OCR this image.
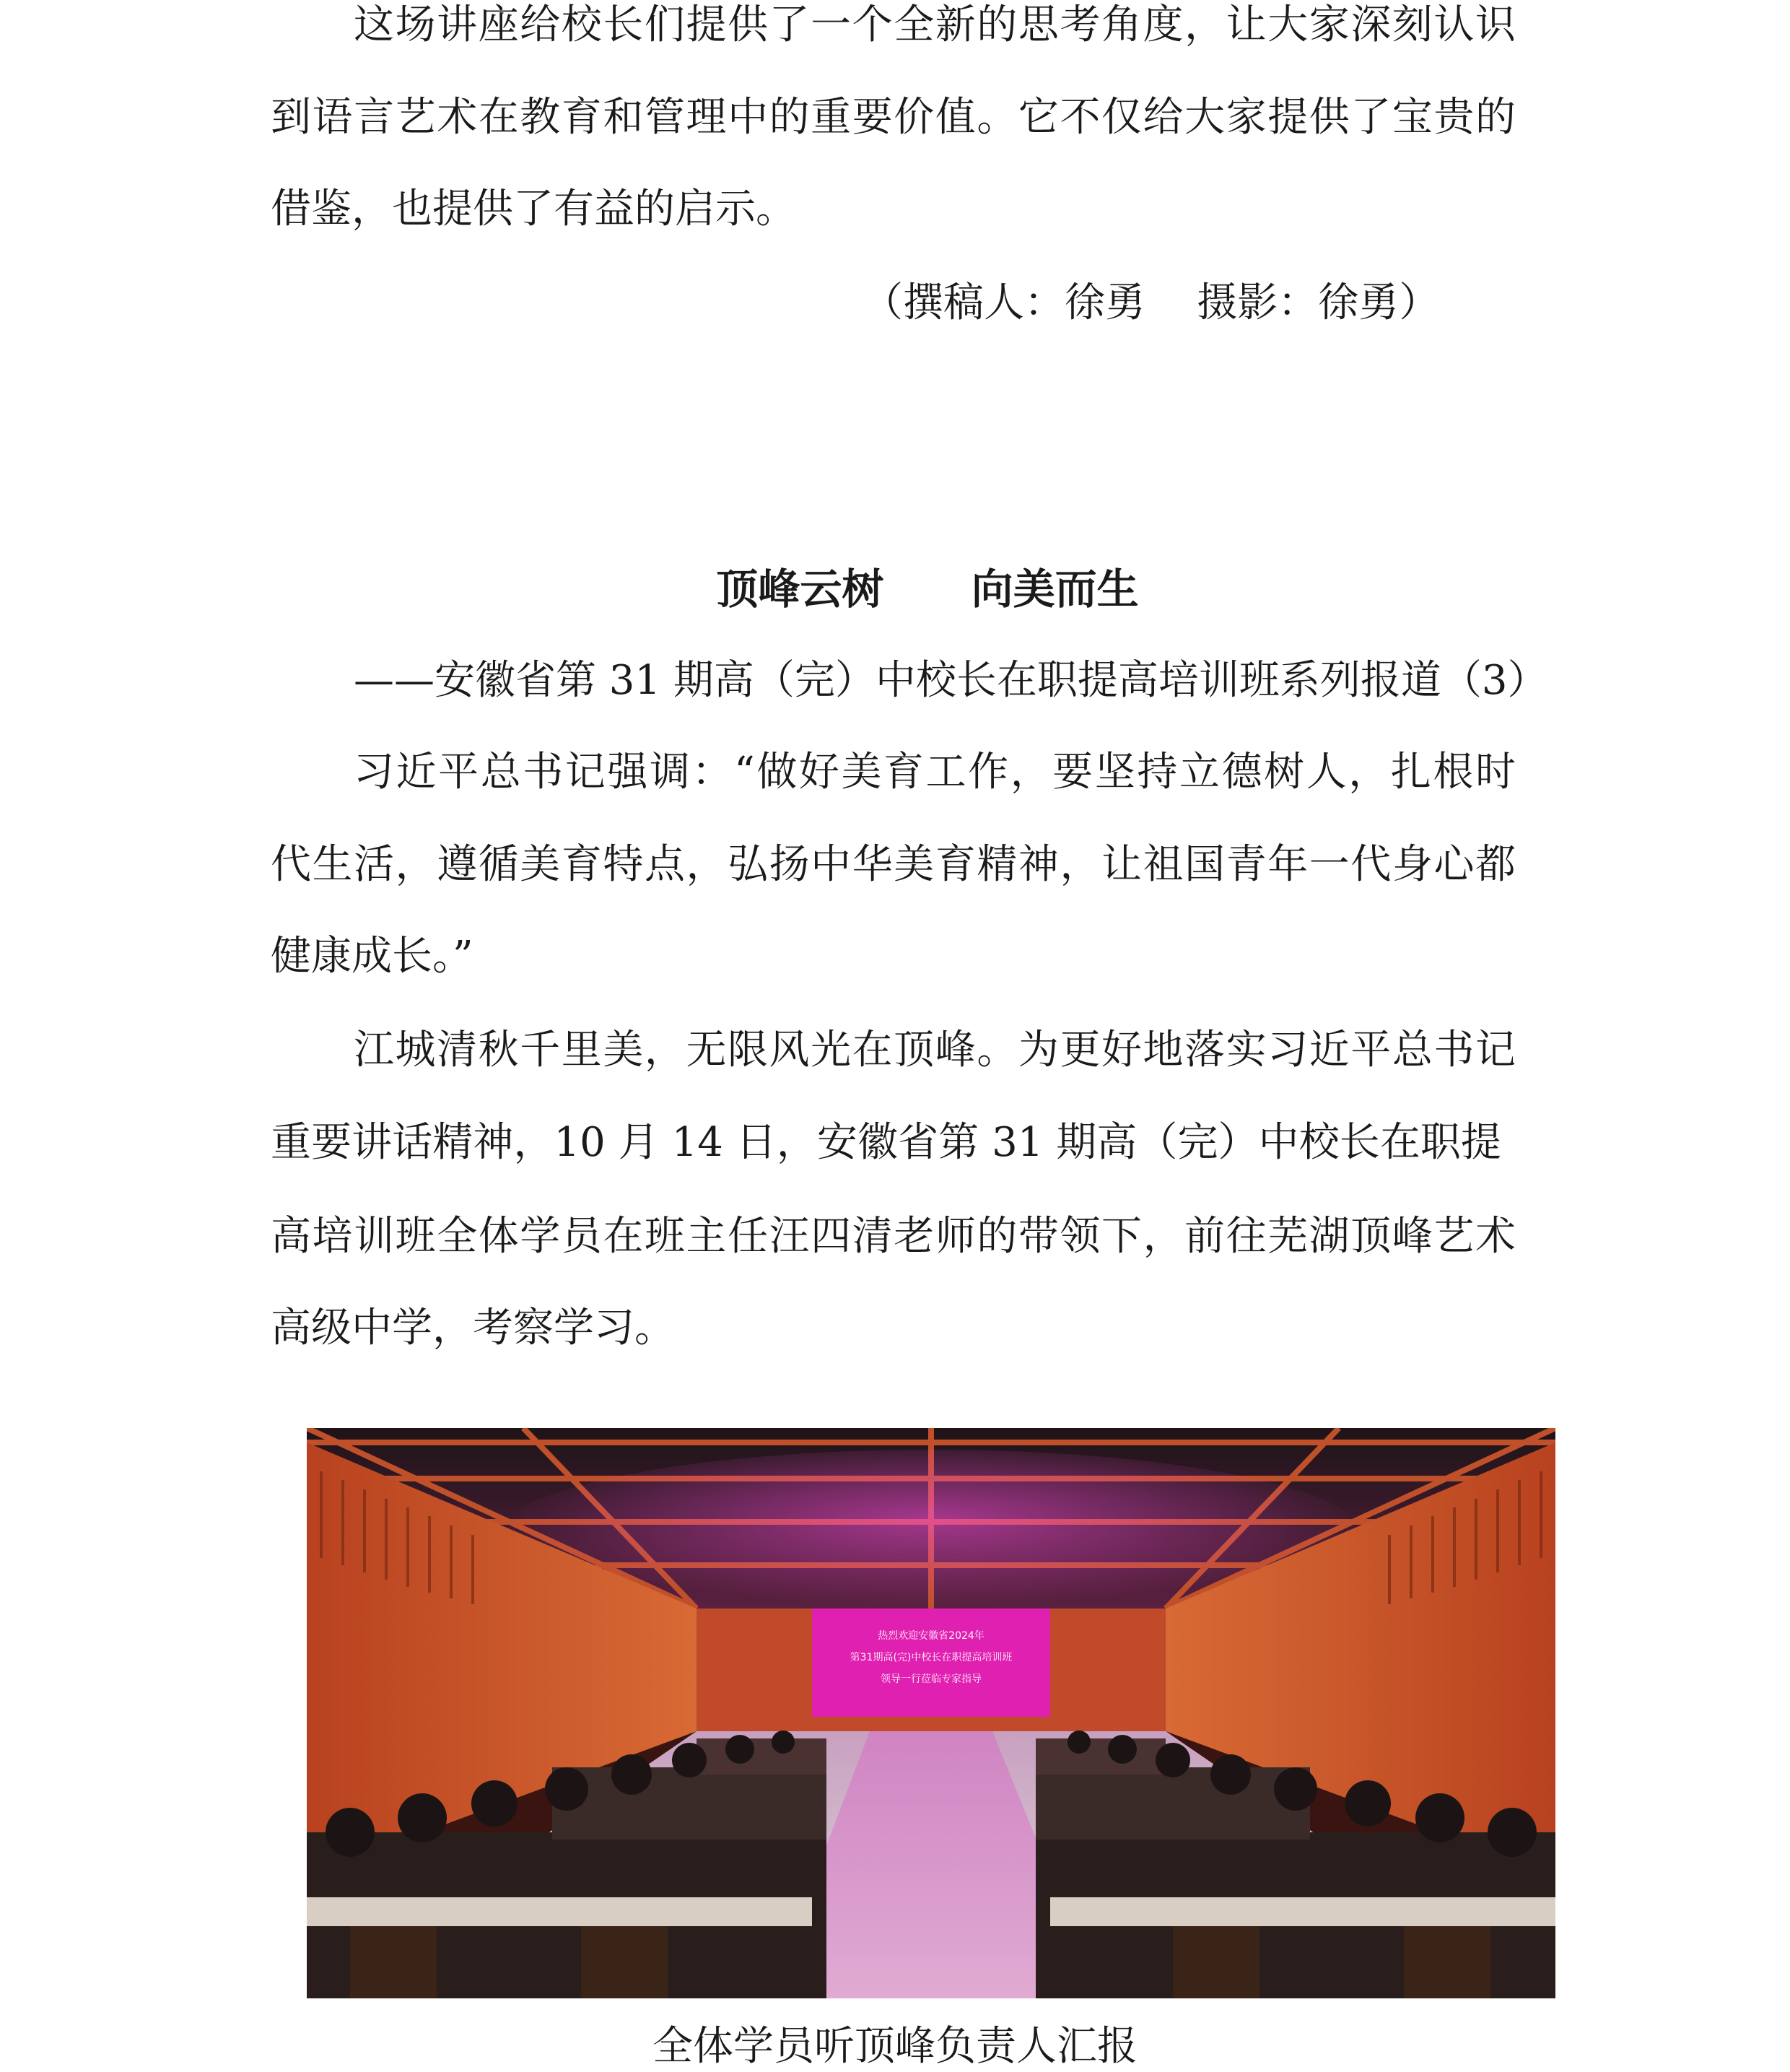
这场讲座给校长们提供了一个全新的思考角度，让大家深刻认识

到语言艺术在教育和管理中的重要价值。它不仅给大家提供了宝贵的

借鉴，也提供了有益的启示。

（撰稿人：徐勇    摄影：徐勇）
顶峰云树      向美而生

——安徽省第 31 期高（完）中校长在职提高培训班系列报道（3）

习近平总书记强调：“做好美育工作，要坚持立德树人，扎根时

代生活，遵循美育特点，弘扬中华美育精神，让祖国青年一代身心都

健康成长。”

江城清秋千里美，无限风光在顶峰。为更好地落实习近平总书记

重要讲话精神，10 月 14 日，安徽省第 31 期高（完）中校长在职提

高培训班全体学员在班主任汪四清老师的带领下，前往芜湖顶峰艺术

高级中学，考察学习。

热烈欢迎安徽省2024年
第31期高(完)中校长在职提高培训班
领导一行莅临专家指导
全体学员听顶峰负责人汇报
